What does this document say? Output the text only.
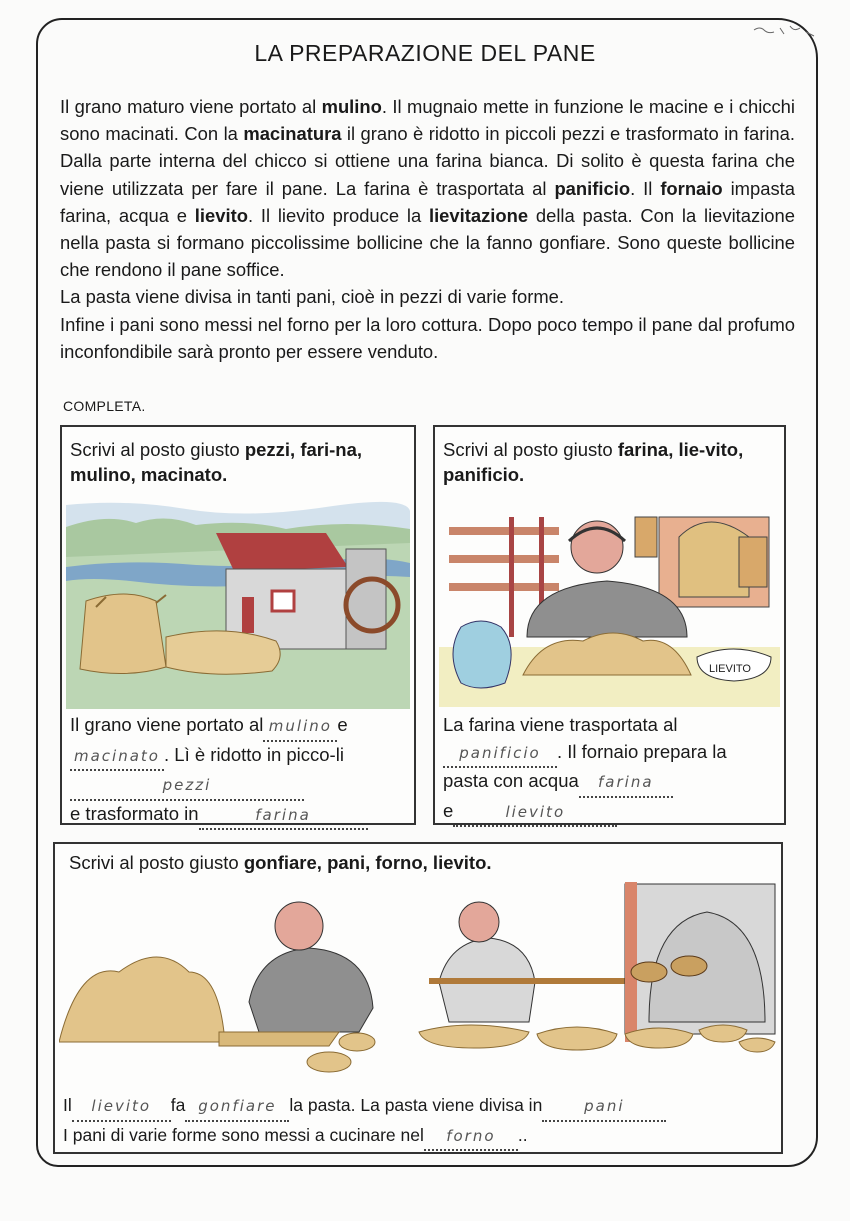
LA PREPARAZIONE DEL PANE

Il grano maturo viene portato al mulino. Il mugnaio mette in funzione le macine e i chicchi sono macinati. Con la macinatura il grano è ridotto in piccoli pezzi e trasformato in farina. Dalla parte interna del chicco si ottiene una farina bianca. Di solito è questa farina che viene utilizzata per fare il pane. La farina è trasportata al panificio. Il fornaio impasta farina, acqua e lievito. Il lievito produce la lievitazione della pasta. Con la lievitazione nella pasta si formano piccolissime bollicine che la fanno gonfiare. Sono queste bollicine che rendono il pane soffice.

La pasta viene divisa in tanti pani, cioè in pezzi di varie forme.

Infine i pani sono messi nel forno per la loro cottura. Dopo poco tempo il pane dal profumo inconfondibile sarà pronto per essere venduto.

COMPLETA.
Scrivi al posto giusto pezzi, fari-na, mulino, macinato.
Il grano viene portato al mulino e
macinato . Lì è ridotto in picco-lipezzi
e trasformato in	farina
Scrivi al posto giusto farina, lie-vito, panificio.
LIEVITO
La farina viene trasportata alpanificio . Il fornaio prepara la pasta con acqua farina
e	lievito
Scrivi al posto giusto gonfiare, pani, forno, lievito.
Il lievito fa gonfiare la pasta. La pasta viene divisa in	pani
I pani di varie forme sono messi a cucinare nel forno ..
